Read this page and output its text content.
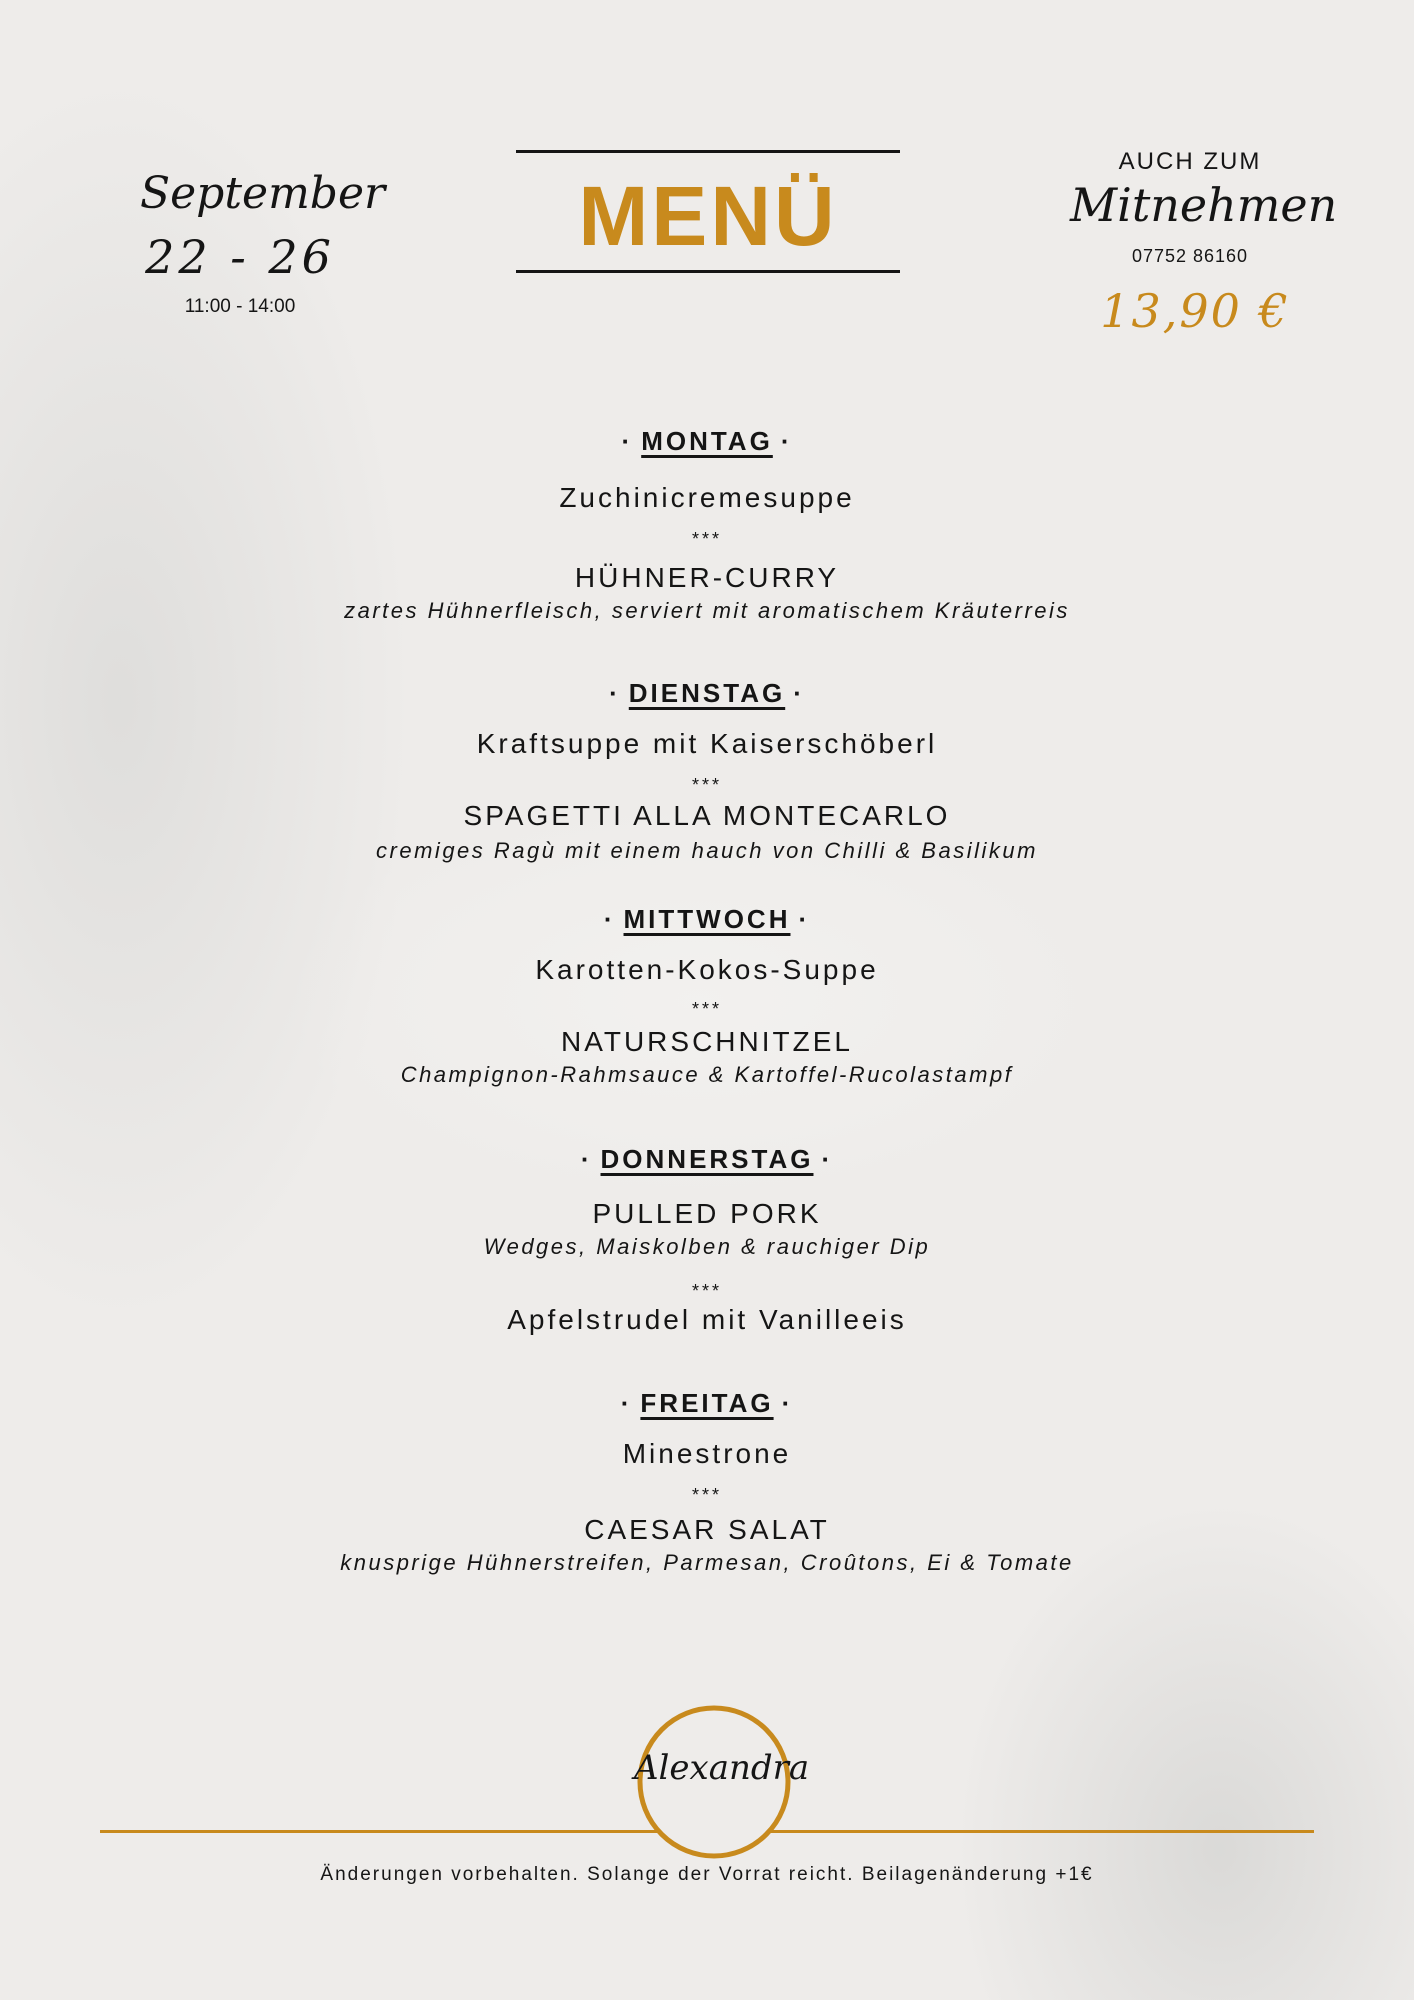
September
22 - 26
11:00 - 14:00
MENÜ
AUCH ZUM
Mitnehmen
07752 86160
13,90 €
· MONTAG ·
Zuchinicremesuppe
***
HÜHNER-CURRY
zartes Hühnerfleisch, serviert mit aromatischem Kräuterreis
· DIENSTAG ·
Kraftsuppe mit Kaiserschöberl
***
SPAGETTI ALLA MONTECARLO
cremiges Ragù mit einem hauch von Chilli & Basilikum
· MITTWOCH ·
Karotten-Kokos-Suppe
***
NATURSCHNITZEL
Champignon-Rahmsauce & Kartoffel-Rucolastampf
· DONNERSTAG ·
PULLED PORK
Wedges, Maiskolben & rauchiger Dip
***
Apfelstrudel mit Vanilleeis
· FREITAG ·
Minestrone
***
CAESAR SALAT
knusprige Hühnerstreifen, Parmesan, Croûtons, Ei & Tomate
Alexandra
Änderungen vorbehalten. Solange der Vorrat reicht. Beilagenänderung +1€
